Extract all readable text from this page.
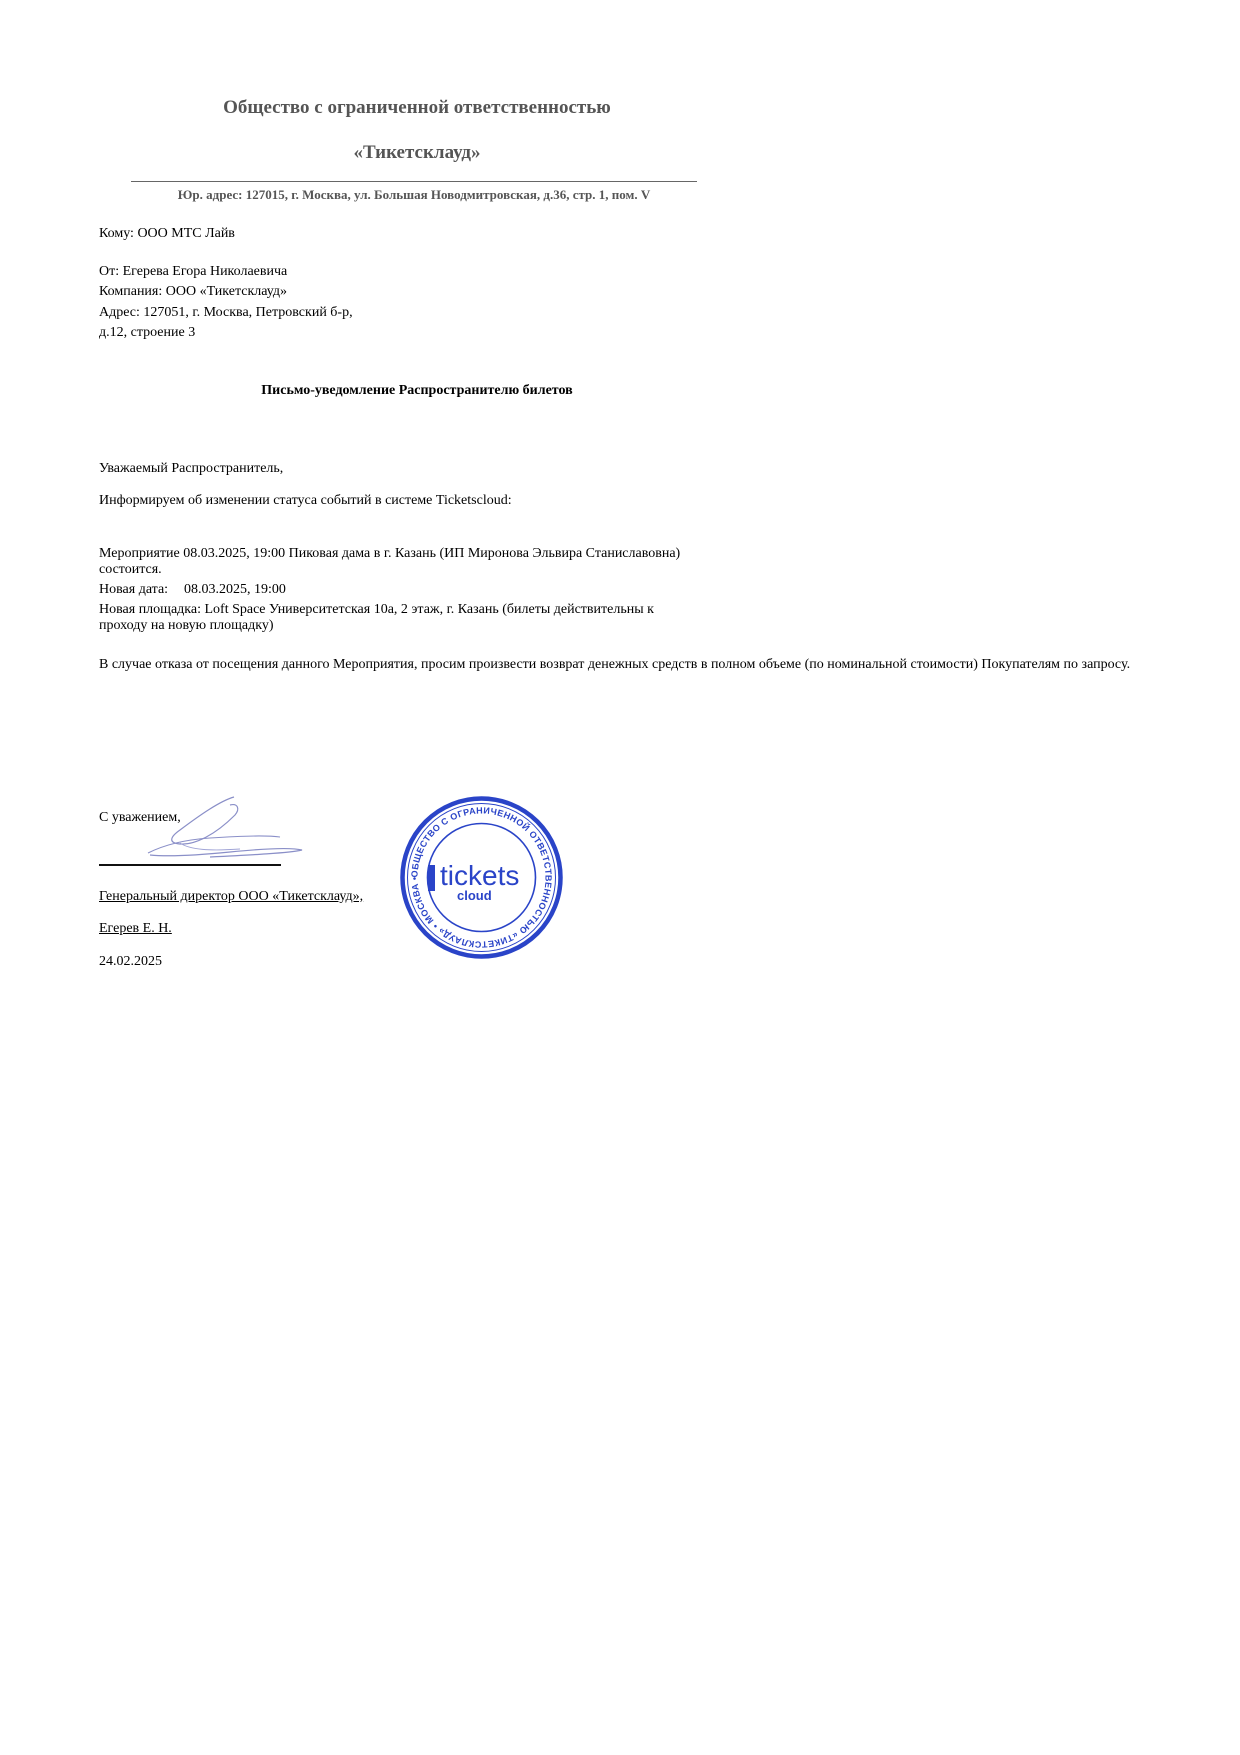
Общество с ограниченной ответственностью
«Тикетсклауд»
Юр. адрес: 127015, г. Москва, ул. Большая Новодмитровская, д.36, стр. 1, пом. V
Кому: ООО МТС Лайв
От: Егерева Егора Николаевича
Компания: ООО «Тикетсклауд»
Адрес: 127051, г. Москва, Петровский б-р,
д.12, строение 3
Письмо-уведомление Распространителю билетов
Уважаемый Распространитель,
Информируем об изменении статуса событий в системе Ticketscloud:
Мероприятие 08.03.2025, 19:00 Пиковая дама в г. Казань (ИП Миронова Эльвира Станиславовна)
состоится.
Новая дата: 08.03.2025, 19:00
Новая площадка: Loft Space Университетская 10а, 2 этаж, г. Казань (билеты действительны к
проходу на новую площадку)
В случае отказа от посещения данного Мероприятия, просим произвести возврат денежных средств в полном объеме (по номинальной стоимости) Покупателям по запросу.
С уважением,
Генеральный директор ООО «Тикетсклауд»,
Егерев Е. Н.
24.02.2025
ОБЩЕСТВО С ОГРАНИЧЕННОЙ ОТВЕТСТВЕННОСТЬЮ «ТИКЕТСКЛАУД» • МОСКВА • tickets
cloud
